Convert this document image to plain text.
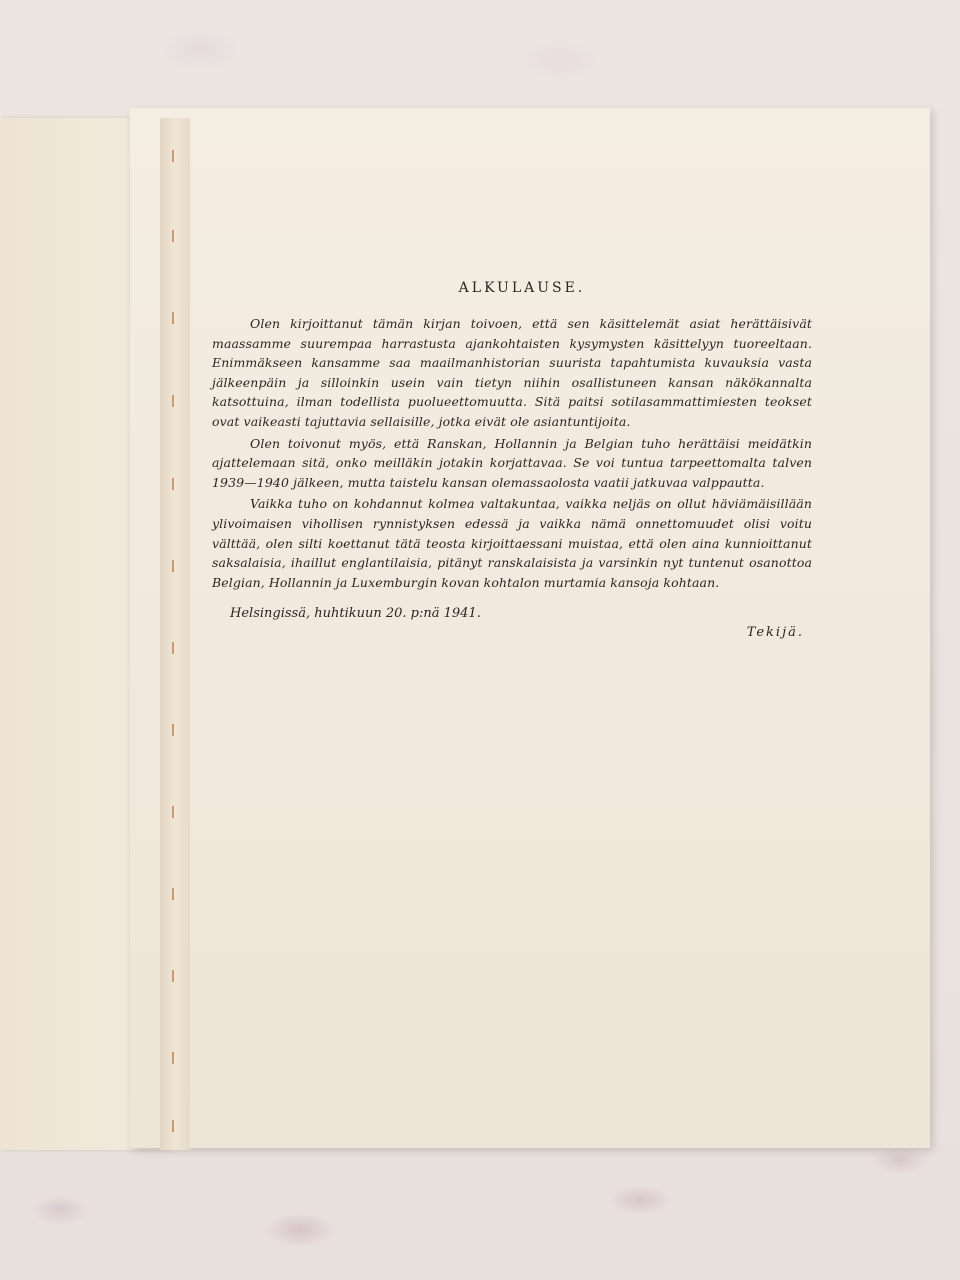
ALKULAUSE.

Olen kirjoittanut tämän kirjan toivoen, että sen käsittelemät asiat herättäisivät maassamme suurempaa harrastusta ajankohtaisten kysymysten käsittelyyn tuoreeltaan. Enimmäkseen kansamme saa maailmanhistorian suurista tapahtumista kuvauksia vasta jälkeenpäin ja silloinkin usein vain tietyn niihin osallistuneen kansan näkökannalta katsottuina, ilman todellista puolueettomuutta. Sitä paitsi sotilasammattimiesten teokset ovat vaikeasti tajuttavia sellaisille, jotka eivät ole asiantuntijoita.

Olen toivonut myös, että Ranskan, Hollannin ja Belgian tuho herättäisi meidätkin ajattelemaan sitä, onko meilläkin jotakin korjattavaa. Se voi tuntua tarpeettomalta talven 1939—1940 jälkeen, mutta taistelu kansan olemassaolosta vaatii jatkuvaa valppautta.

Vaikka tuho on kohdannut kolmea valtakuntaa, vaikka neljäs on ollut häviämäisillään ylivoimaisen vihollisen rynnistyksen edessä ja vaikka nämä onnettomuudet olisi voitu välttää, olen silti koettanut tätä teosta kirjoittaessani muistaa, että olen aina kunnioittanut saksalaisia, ihaillut englantilaisia, pitänyt ranskalaisista ja varsinkin nyt tuntenut osanottoa Belgian, Hollannin ja Luxemburgin kovan kohtalon murtamia kansoja kohtaan.

Helsingissä, huhtikuun 20. p:nä 1941.
Tekijä.
